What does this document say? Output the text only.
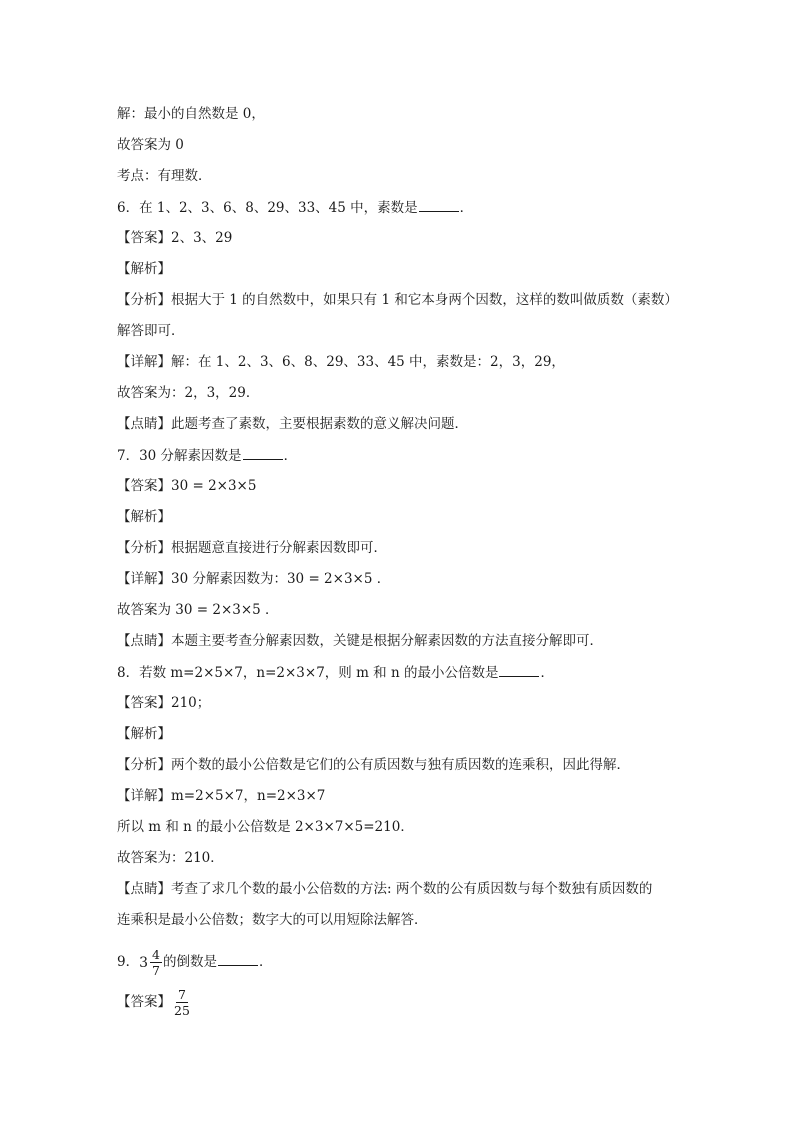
解：最小的自然数是 0，
故答案为 0
考点：有理数．
6．在 1、2、3、6、8、29、33、45 中，素数是	．
【答案】2、3、29
【解析】
【分析】根据大于 1 的自然数中，如果只有 1 和它本身两个因数，这样的数叫做质数（素数）
解答即可．
【详解】解：在 1、2、3、6、8、29、33、45 中，素数是：2，3，29，
故答案为：2，3，29．
【点睛】此题考查了素数，主要根据素数的意义解决问题．
7．30 分解素因数是	．
【答案】30 = 2×3×5
【解析】
【分析】根据题意直接进行分解素因数即可．
【详解】30 分解素因数为：30 = 2×3×5 ．
故答案为 30 = 2×3×5 ．
【点睛】本题主要考查分解素因数，关键是根据分解素因数的方法直接分解即可．
8．若数 m=2×5×7，n=2×3×7，则 m 和 n 的最小公倍数是	．
【答案】210；
【解析】
【分析】两个数的最小公倍数是它们的公有质因数与独有质因数的连乘积，因此得解．
【详解】m=2×5×7，n=2×3×7
所以 m 和 n 的最小公倍数是 2×3×7×5=210．
故答案为：210．
【点睛】考查了求几个数的最小公倍数的方法: 两个数的公有质因数与每个数独有质因数的
连乘积是最小公倍数；数字大的可以用短除法解答．
9． $3 \frac{4}{7}$ 的倒数是	．
【答案】 $\frac{7}{25}$
